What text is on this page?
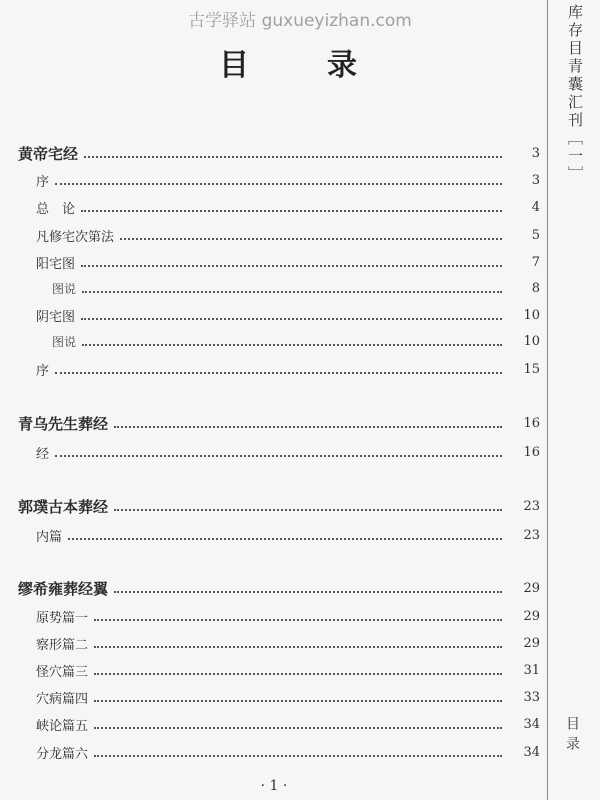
古学驿站 guxueyizhan.com
目　录	库存目青囊汇刊［一］
目录
黄帝宅经	3
序	3
总　论	4
凡修宅次第法	5
阳宅图	7
图说	8
阴宅图	10
图说	10
序	15
青乌先生葬经	16
经	16
郭璞古本葬经	23
内篇	23
缪希雍葬经翼	29
原势篇一	29
察形篇二	29
怪穴篇三	31
穴病篇四	33
峡论篇五	34
分龙篇六	34
· 1 ·
